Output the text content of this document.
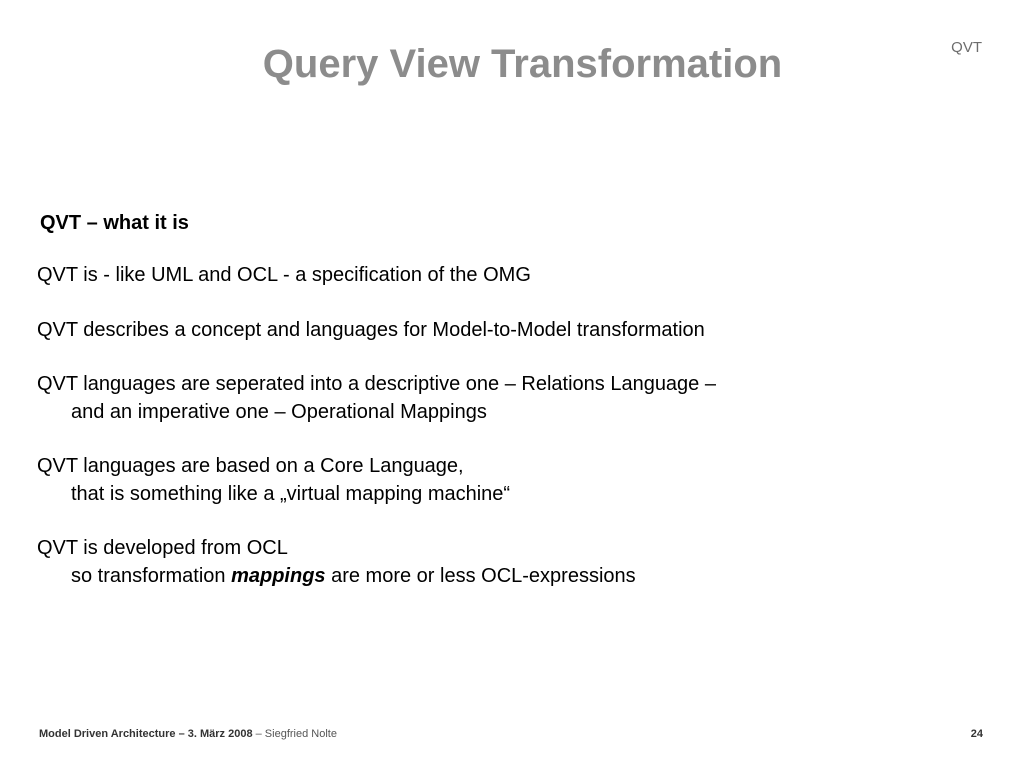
Query View Transformation	QVT
QVT – what it is
QVT is - like UML and OCL - a specification of the OMG
QVT describes a concept and languages for Model-to-Model transformation
QVT languages are seperated into a descriptive one – Relations Language –
and an imperative one – Operational Mappings
QVT languages are based on a Core Language,
that is something like a „virtual mapping machine“
QVT is developed from OCL
so transformation mappings are more or less OCL-expressions
Model Driven Architecture – 3. März 2008 – Siegfried Nolte	24
